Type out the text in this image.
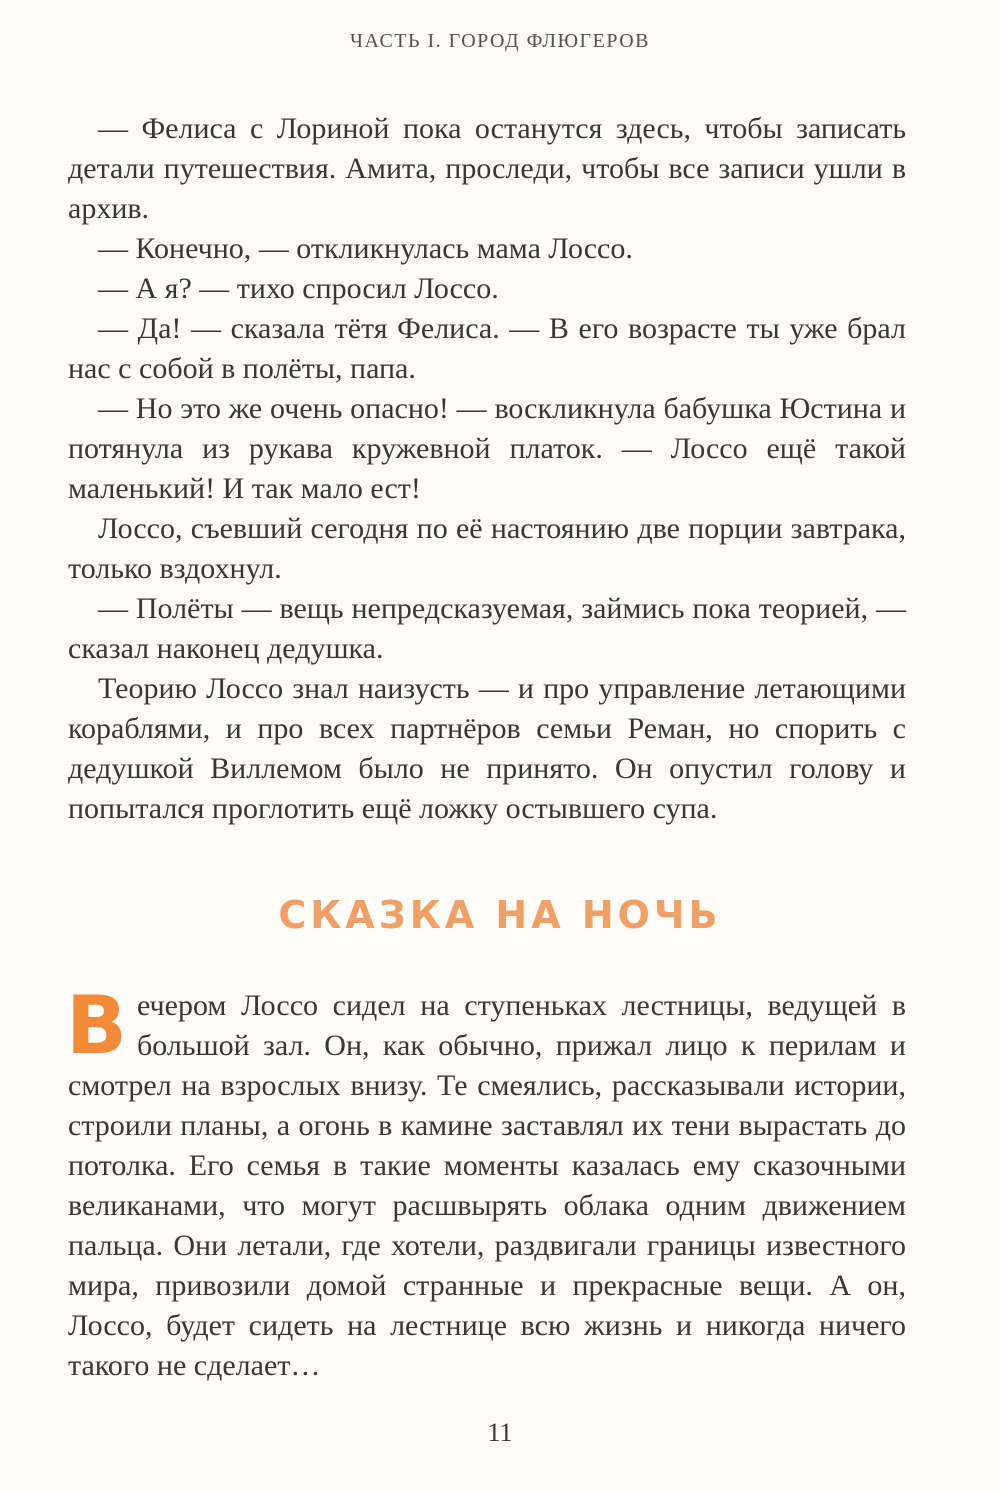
ЧАСТЬ I. ГОРОД ФЛЮГЕРОВ

— Фелиса с Лориной пока останутся здесь, чтобы записать детали путешествия. Амита, проследи, чтобы все записи ушли в архив.

— Конечно, — откликнулась мама Лоссо.

— А я? — тихо спросил Лоссо.

— Да! — сказала тётя Фелиса. — В его возрасте ты уже брал нас с собой в полёты, папа.

— Но это же очень опасно! — воскликнула бабушка Юстина и потянула из рукава кружевной платок. — Лоссо ещё такой маленький! И так мало ест!

Лоссо, съевший сегодня по её настоянию две порции завтрака, только вздохнул.

— Полёты — вещь непредсказуемая, займись пока теорией, — сказал наконец дедушка.

Теорию Лоссо знал наизусть — и про управление летающими кораблями, и про всех партнёров семьи Реман, но спорить с дедушкой Виллемом было не принято. Он опустил голову и попытался проглотить ещё ложку остывшего супа.

СКАЗКА НА НОЧЬ

Вечером Лоссо сидел на ступеньках лестницы, ведущей в большой зал. Он, как обычно, прижал лицо к перилам и смотрел на взрослых внизу. Те смеялись, рассказывали истории, строили планы, а огонь в камине заставлял их тени вырастать до потолка. Его семья в такие моменты казалась ему сказочными великанами, что могут расшвырять облака одним движением пальца. Они летали, где хотели, раздвигали границы известного мира, привозили домой странные и прекрасные вещи. А он, Лоссо, будет сидеть на лестнице всю жизнь и никогда ничего такого не сделает…

11
